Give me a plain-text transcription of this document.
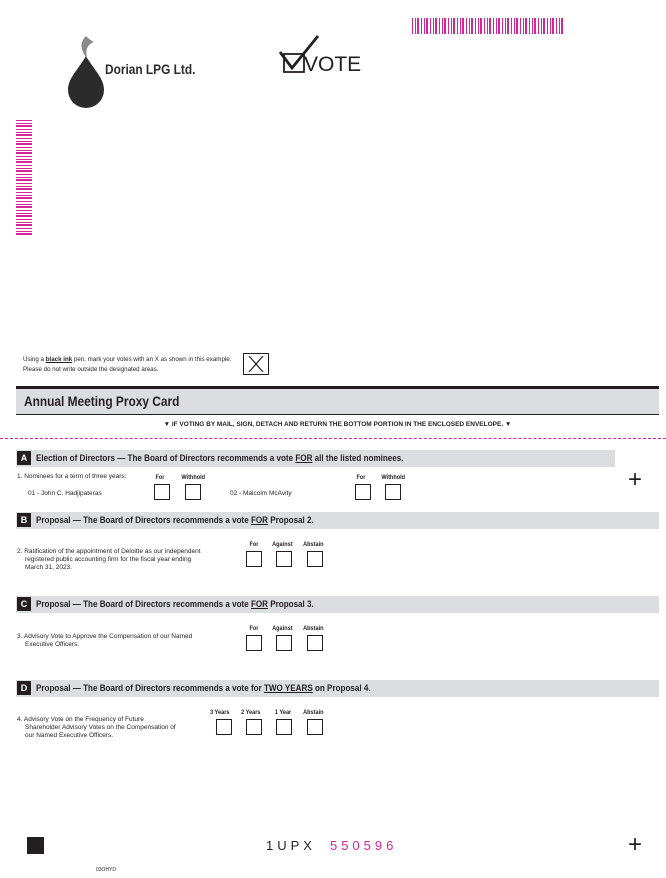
Dorian LPG Ltd.	VOTE
Using a black ink pen, mark your votes with an X as shown in this example.
Please do not write outside the designated areas.
Annual Meeting Proxy Card
▼ IF VOTING BY MAIL, SIGN, DETACH AND RETURN THE BOTTOM PORTION IN THE ENCLOSED ENVELOPE. ▼
A Election of Directors — The Board of Directors recommends a vote FOR all the listed nominees.
+
1. Nominees for a term of three years:	For	Withhold
01 - John C. Hadjipateras
For	Withhold
02 - Malcolm McAvity
B Proposal — The Board of Directors recommends a vote FOR Proposal 2.
2. Ratification of the appointment of Deloitte as our independent
registered public accounting firm for the fiscal year ending
March 31, 2023.
For Against Abstain
C Proposal — The Board of Directors recommends a vote FOR Proposal 3.
3. Advisory Vote to Approve the Compensation of our Named
Executive Officers.
For Against Abstain
D Proposal — The Board of Directors recommends a vote for TWO YEARS on Proposal 4.
4. Advisory Vote on the Frequency of Future
Shareholder Advisory Votes on the Compensation of
our Named Executive Officers.
3 Years 2 Years 1 Year Abstain
1UPX 550596	+
03OHYD
